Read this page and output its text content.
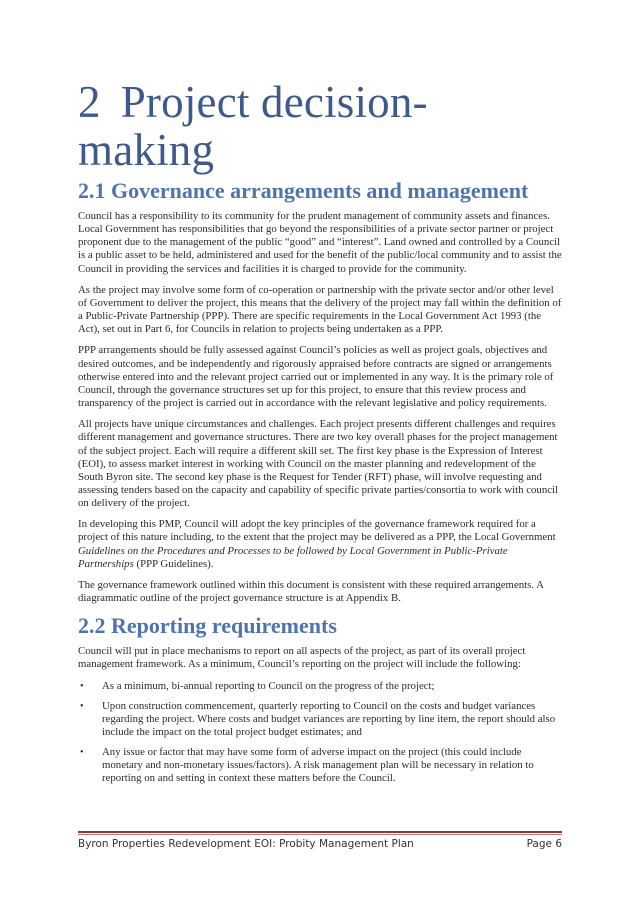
2 Project decision-making
2.1 Governance arrangements and management

Council has a responsibility to its community for the prudent management of community assets and finances. Local Government has responsibilities that go beyond the responsibilities of a private sector partner or project proponent due to the management of the public “good” and “interest”. Land owned and controlled by a Council is a public asset to be held, administered and used for the benefit of the public/local community and to assist the Council in providing the services and facilities it is charged to provide for the community.

As the project may involve some form of co-operation or partnership with the private sector and/or other level of Government to deliver the project, this means that the delivery of the project may fall within the definition of a Public-Private Partnership (PPP). There are specific requirements in the Local Government Act 1993 (the Act), set out in Part 6, for Councils in relation to projects being undertaken as a PPP.

PPP arrangements should be fully assessed against Council’s policies as well as project goals, objectives and desired outcomes, and be independently and rigorously appraised before contracts are signed or arrangements otherwise entered into and the relevant project carried out or implemented in any way. It is the primary role of Council, through the governance structures set up for this project, to ensure that this review process and transparency of the project is carried out in accordance with the relevant legislative and policy requirements.

All projects have unique circumstances and challenges. Each project presents different challenges and requires different management and governance structures. There are two key overall phases for the project management of the subject project. Each will require a different skill set. The first key phase is the Expression of Interest (EOI), to assess market interest in working with Council on the master planning and redevelopment of the South Byron site. The second key phase is the Request for Tender (RFT) phase, will involve requesting and assessing tenders based on the capacity and capability of specific private parties/consortia to work with council on delivery of the project.

In developing this PMP, Council will adopt the key principles of the governance framework required for a project of this nature including, to the extent that the project may be delivered as a PPP, the Local Government Guidelines on the Procedures and Processes to be followed by Local Government in Public-Private Partnerships (PPP Guidelines).

The governance framework outlined within this document is consistent with these required arrangements. A diagrammatic outline of the project governance structure is at Appendix B.

2.2 Reporting requirements

Council will put in place mechanisms to report on all aspects of the project, as part of its overall project management framework. As a minimum, Council’s reporting on the project will include the following:

• As a minimum, bi-annual reporting to Council on the progress of the project;
• Upon construction commencement, quarterly reporting to Council on the costs and budget variances regarding the project. Where costs and budget variances are reporting by line item, the report should also include the impact on the total project budget estimates; and
• Any issue or factor that may have some form of adverse impact on the project (this could include monetary and non-monetary issues/factors). A risk management plan will be necessary in relation to reporting on and setting in context these matters before the Council.
Byron Properties Redevelopment EOI: Probity Management Plan	Page 6
